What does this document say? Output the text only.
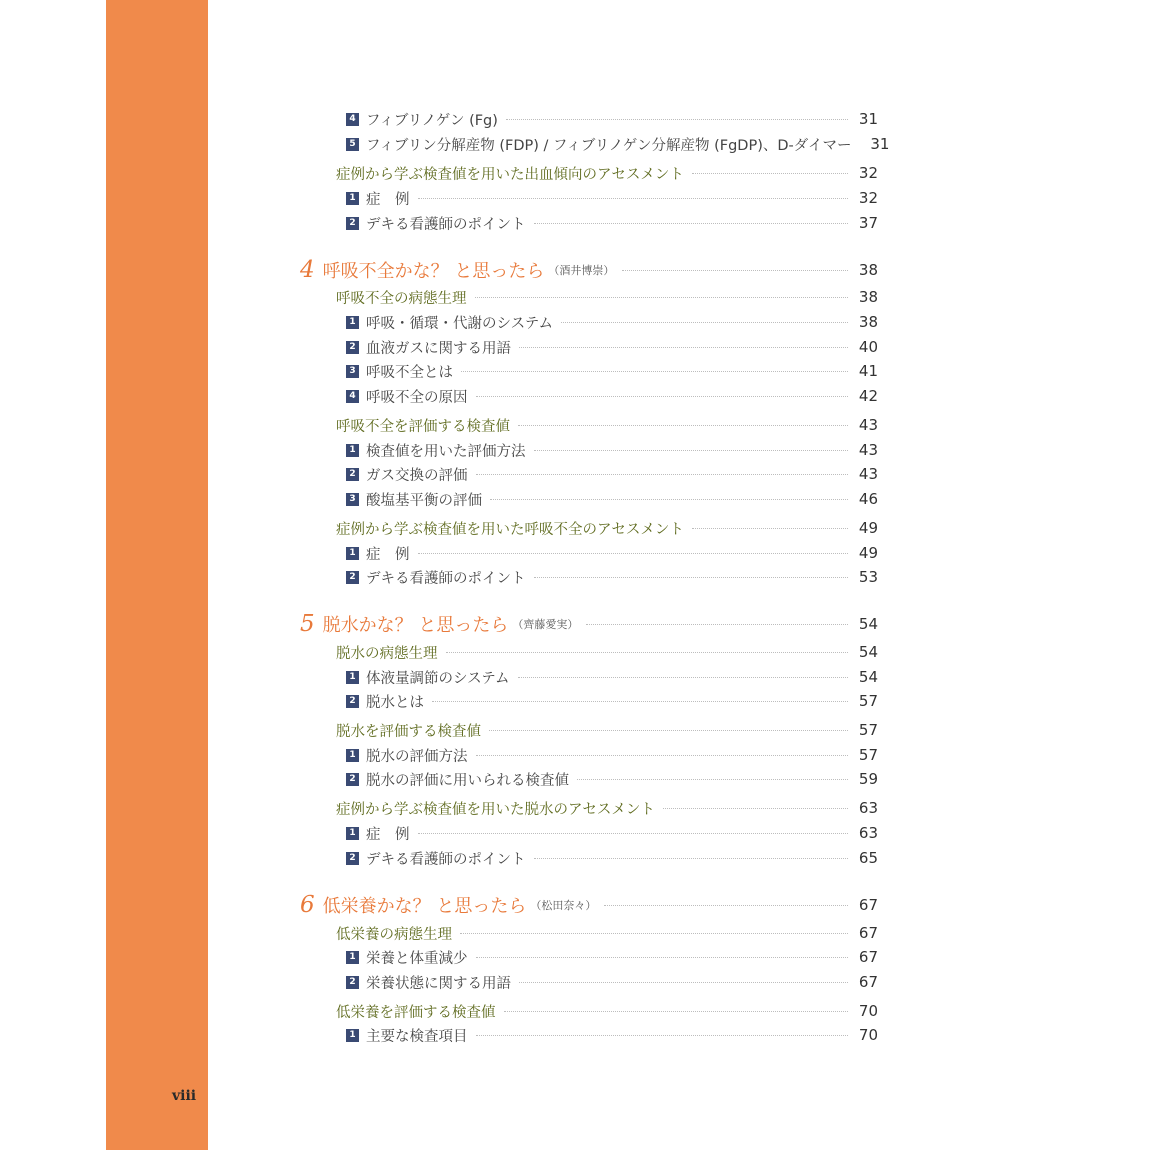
4 フィブリノゲン (Fg)	31
5 フィブリン分解産物 (FDP) / フィブリノゲン分解産物 (FgDP)、D-ダイマー 31
症例から学ぶ検査値を用いた出血傾向のアセスメント	32
1 症　例	32
2 デキる看護師のポイント	37
4 呼吸不全かな？ と思ったら （酒井博崇）	38
呼吸不全の病態生理	38
1 呼吸・循環・代謝のシステム	38
2 血液ガスに関する用語	40
3 呼吸不全とは	41
4 呼吸不全の原因	42
呼吸不全を評価する検査値	43
1 検査値を用いた評価方法	43
2 ガス交換の評価	43
3 酸塩基平衡の評価	46
症例から学ぶ検査値を用いた呼吸不全のアセスメント	49
1 症　例	49
2 デキる看護師のポイント	53
5 脱水かな？ と思ったら （齊藤愛実）	54
脱水の病態生理	54
1 体液量調節のシステム	54
2 脱水とは	57
脱水を評価する検査値	57
1 脱水の評価方法	57
2 脱水の評価に用いられる検査値	59
症例から学ぶ検査値を用いた脱水のアセスメント	63
1 症　例	63
2 デキる看護師のポイント	65
6 低栄養かな？ と思ったら （松田奈々）	67
低栄養の病態生理	67
1 栄養と体重減少	67
2 栄養状態に関する用語	67
低栄養を評価する検査値	70
1 主要な検査項目	70
viii
